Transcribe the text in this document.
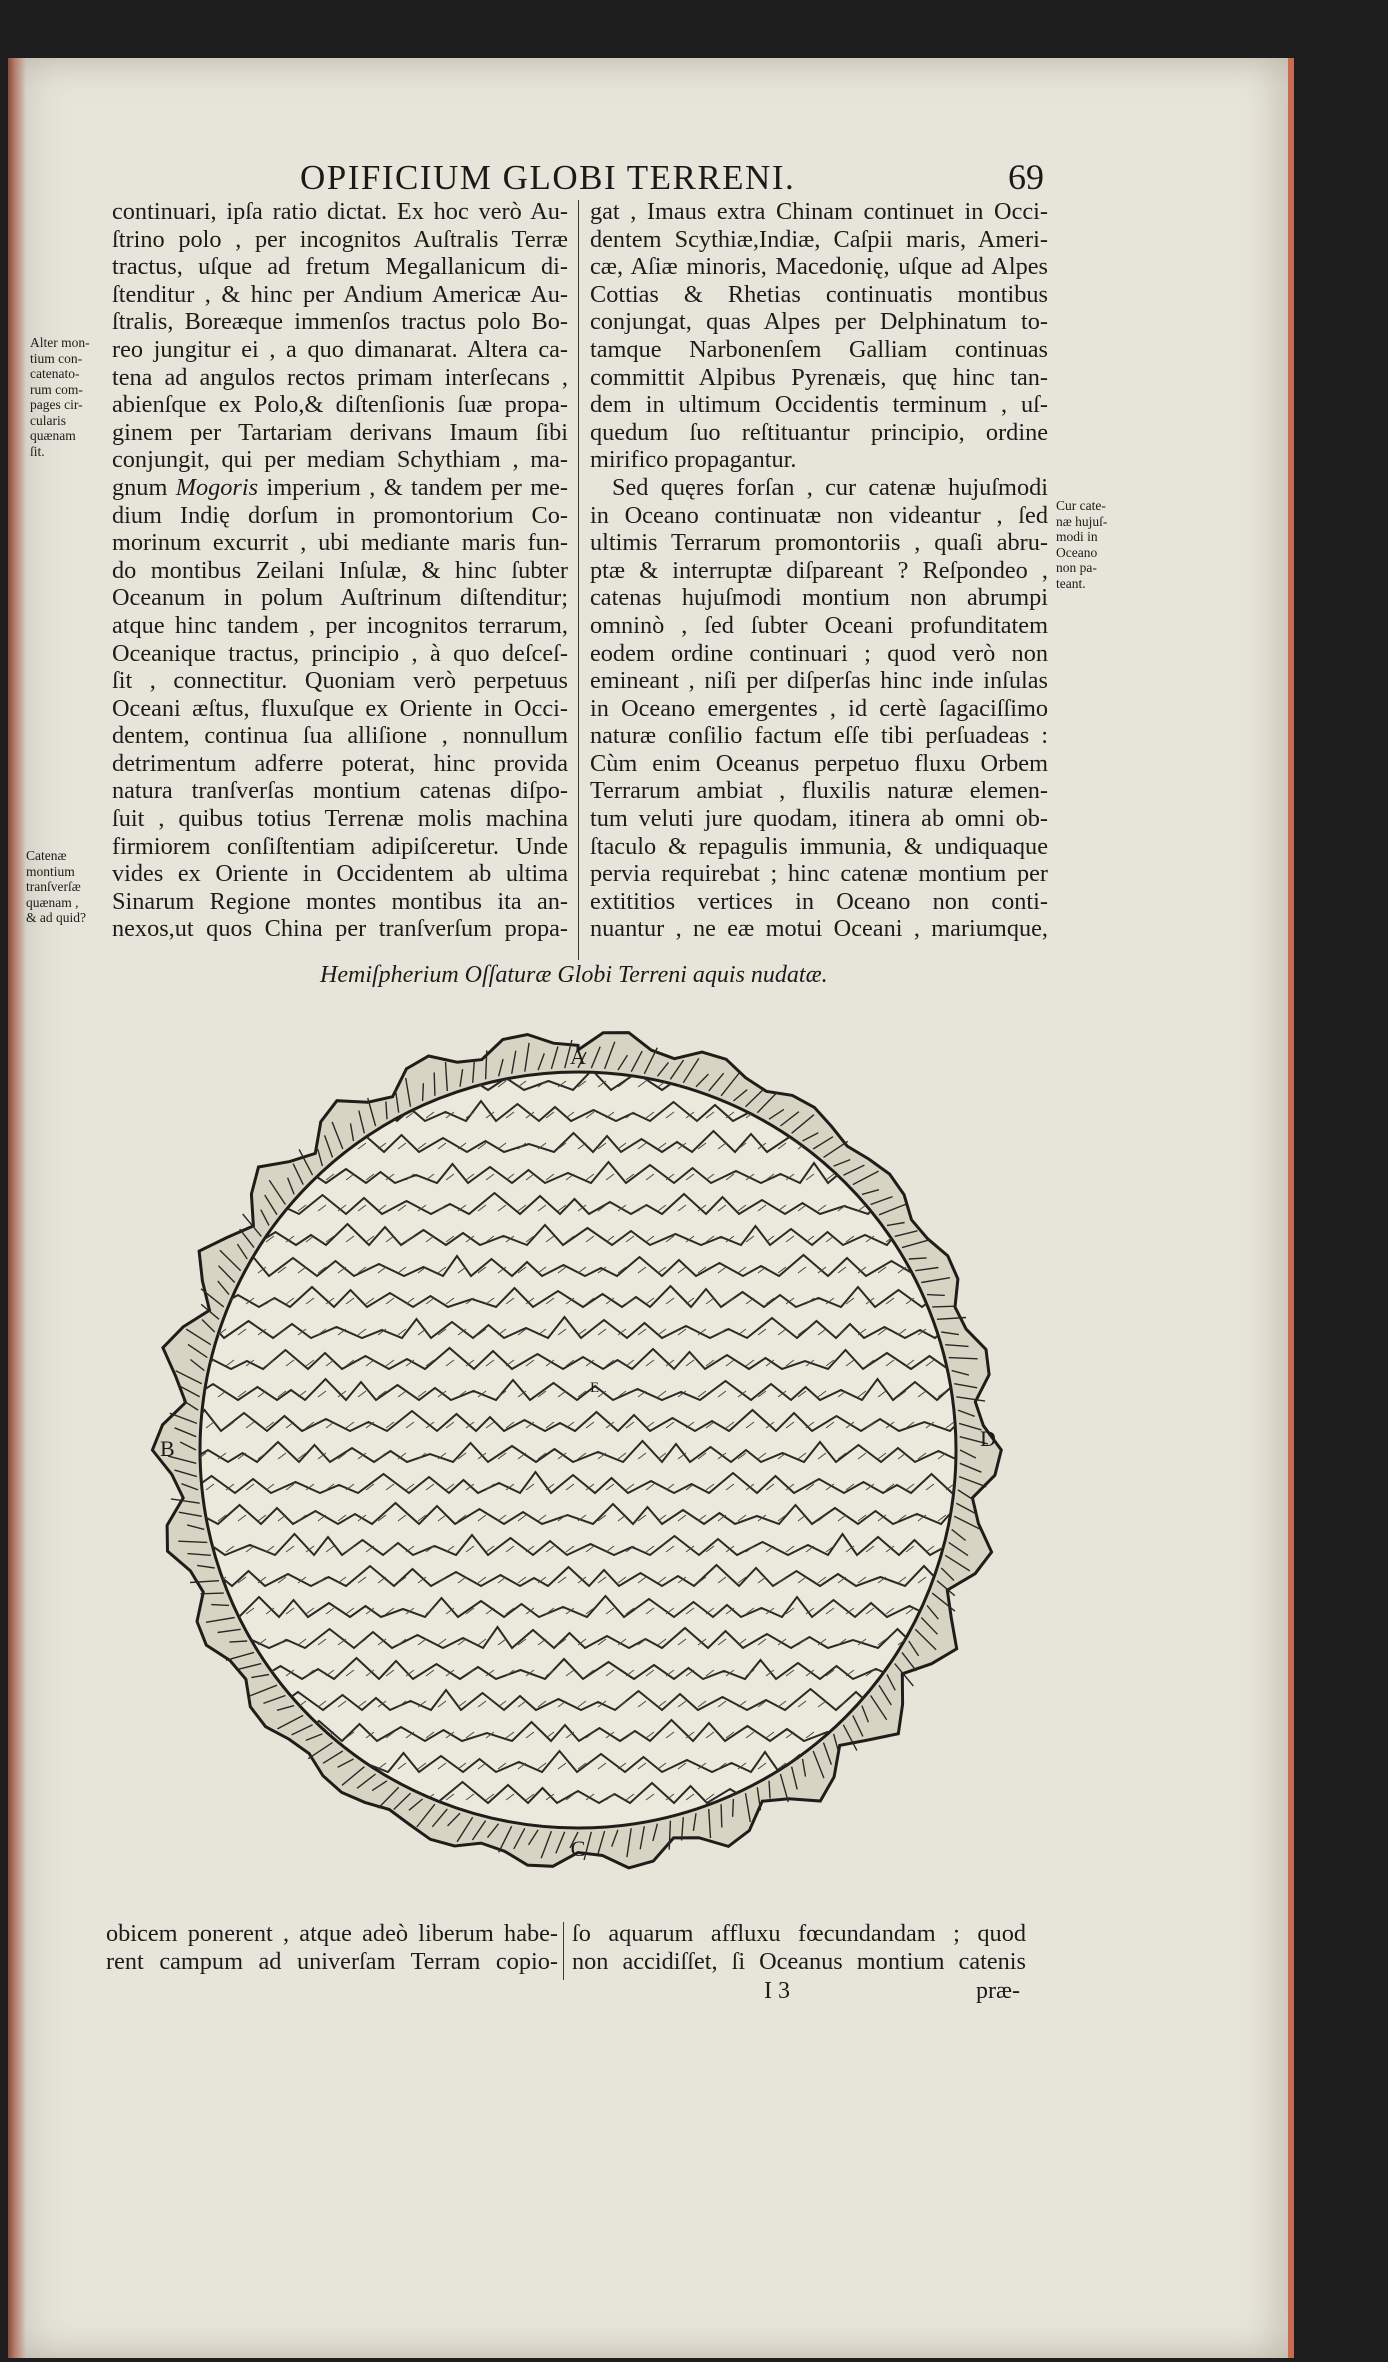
OPIFICIUM GLOBI TERRENI.	69
continuari, ipſa ratio dictat. Ex hoc verò Au-
ſtrino polo , per incognitos Auſtralis Terræ
tractus, uſque ad fretum Megallanicum di-
ſtenditur , & hinc per Andium Americæ Au-
ſtralis, Boreæque immenſos tractus polo Bo-
reo jungitur ei , a quo dimanarat. Altera ca-
tena ad angulos rectos primam interſecans ,
abienſque ex Polo,& diſtenſionis ſuæ propa-
ginem per Tartariam derivans Imaum ſibi
conjungit, qui per mediam Schythiam , ma-
gnum Mogoris imperium , & tandem per me-
dium Indię dorſum in promontorium Co-
morinum excurrit , ubi mediante maris fun-
do montibus Zeilani Inſulæ, & hinc ſubter
Oceanum in polum Auſtrinum diſtenditur;
atque hinc tandem , per incognitos terrarum,
Oceanique tractus, principio , à quo deſceſ-
ſit , connectitur. Quoniam verò perpetuus
Oceani æſtus, fluxuſque ex Oriente in Occi-
dentem, continua ſua alliſione , nonnullum
detrimentum adferre poterat, hinc provida
natura tranſverſas montium catenas diſpo-
ſuit , quibus totius Terrenæ molis machina
firmiorem conſiſtentiam adipiſceretur. Unde
vides ex Oriente in Occidentem ab ultima
Sinarum Regione montes montibus ita an-
nexos,ut quos China per tranſverſum propa-
gat , Imaus extra Chinam continuet in Occi-
dentem Scythiæ,Indiæ, Caſpii maris, Ameri-
cæ, Aſiæ minoris, Macedonię, uſque ad Alpes
Cottias & Rhetias continuatis montibus
conjungat, quas Alpes per Delphinatum to-
tamque Narbonenſem Galliam continuas
committit Alpibus Pyrenæis, quę hinc tan-
dem in ultimum Occidentis terminum , uſ-
quedum ſuo reſtituantur principio, ordine
mirifico propagantur.
Sed quęres forſan , cur catenæ hujuſmodi
in Oceano continuatæ non videantur , ſed
ultimis Terrarum promontoriis , quaſi abru-
ptæ & interruptæ diſpareant ? Reſpondeo ,
catenas hujuſmodi montium non abrumpi
omninò , ſed ſubter Oceani profunditatem
eodem ordine continuari ; quod verò non
emineant , niſi per diſperſas hinc inde inſulas
in Oceano emergentes , id certè ſagaciſſimo
naturæ conſilio factum eſſe tibi perſuadeas :
Cùm enim Oceanus perpetuo fluxu Orbem
Terrarum ambiat , fluxilis naturæ elemen-
tum veluti jure quodam, itinera ab omni ob-
ſtaculo & repagulis immunia, & undiquaque
pervia requirebat ; hinc catenæ montium per
extititios vertices in Oceano non conti-
nuantur , ne eæ motui Oceani , mariumque,
Alter mon-
tium con-
catenato-
rum com-
pages cir-
cularis
quænam
ſit.
Catenæ
montium
tranſverſæ
quænam ,
& ad quid?
Cur cate-
næ hujuſ-
modi in
Oceano
non pa-
teant.
Hemiſpherium Oſſaturæ Globi Terreni aquis nudatæ.
A
B
C
D
E
obicem ponerent , atque adeò liberum habe-
rent campum ad univerſam Terram copio-
ſo aquarum affluxu fœcundandam ; quod
non accidiſſet, ſi Oceanus montium catenis
I 3	præ-
